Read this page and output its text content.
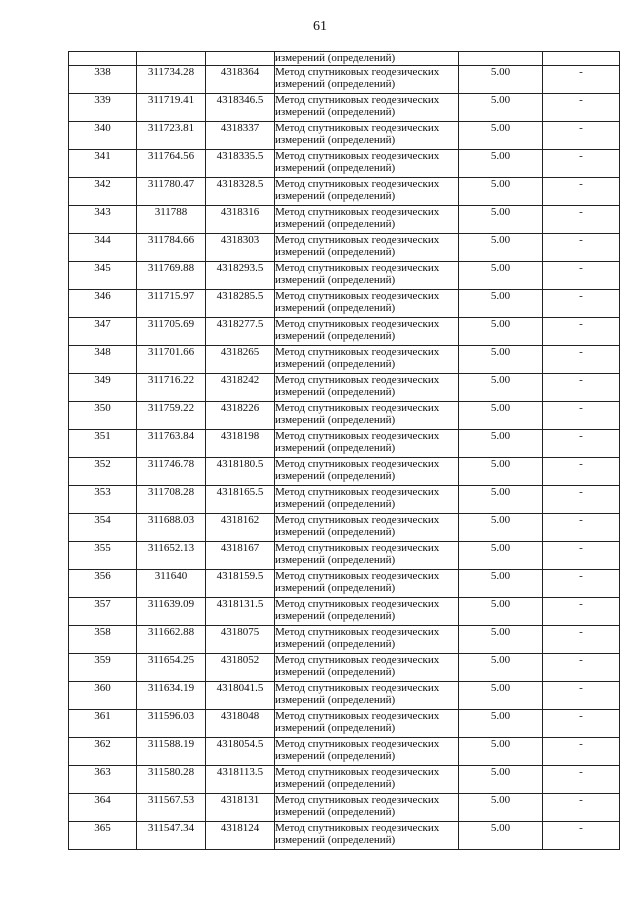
61

			измерений (определений)		

338	311734.28	4318364	Метод спутниковых геодезических
измерений (определений)	5.00	-
339	311719.41	4318346.5	Метод спутниковых геодезических
измерений (определений)	5.00	-
340	311723.81	4318337	Метод спутниковых геодезических
измерений (определений)	5.00	-
341	311764.56	4318335.5	Метод спутниковых геодезических
измерений (определений)	5.00	-
342	311780.47	4318328.5	Метод спутниковых геодезических
измерений (определений)	5.00	-
343	311788	4318316	Метод спутниковых геодезических
измерений (определений)	5.00	-
344	311784.66	4318303	Метод спутниковых геодезических
измерений (определений)	5.00	-
345	311769.88	4318293.5	Метод спутниковых геодезических
измерений (определений)	5.00	-
346	311715.97	4318285.5	Метод спутниковых геодезических
измерений (определений)	5.00	-
347	311705.69	4318277.5	Метод спутниковых геодезических
измерений (определений)	5.00	-
348	311701.66	4318265	Метод спутниковых геодезических
измерений (определений)	5.00	-
349	311716.22	4318242	Метод спутниковых геодезических
измерений (определений)	5.00	-
350	311759.22	4318226	Метод спутниковых геодезических
измерений (определений)	5.00	-
351	311763.84	4318198	Метод спутниковых геодезических
измерений (определений)	5.00	-
352	311746.78	4318180.5	Метод спутниковых геодезических
измерений (определений)	5.00	-
353	311708.28	4318165.5	Метод спутниковых геодезических
измерений (определений)	5.00	-
354	311688.03	4318162	Метод спутниковых геодезических
измерений (определений)	5.00	-
355	311652.13	4318167	Метод спутниковых геодезических
измерений (определений)	5.00	-
356	311640	4318159.5	Метод спутниковых геодезических
измерений (определений)	5.00	-
357	311639.09	4318131.5	Метод спутниковых геодезических
измерений (определений)	5.00	-
358	311662.88	4318075	Метод спутниковых геодезических
измерений (определений)	5.00	-
359	311654.25	4318052	Метод спутниковых геодезических
измерений (определений)	5.00	-
360	311634.19	4318041.5	Метод спутниковых геодезических
измерений (определений)	5.00	-
361	311596.03	4318048	Метод спутниковых геодезических
измерений (определений)	5.00	-
362	311588.19	4318054.5	Метод спутниковых геодезических
измерений (определений)	5.00	-
363	311580.28	4318113.5	Метод спутниковых геодезических
измерений (определений)	5.00	-
364	311567.53	4318131	Метод спутниковых геодезических
измерений (определений)	5.00	-
365	311547.34	4318124	Метод спутниковых геодезических
измерений (определений)	5.00	-
